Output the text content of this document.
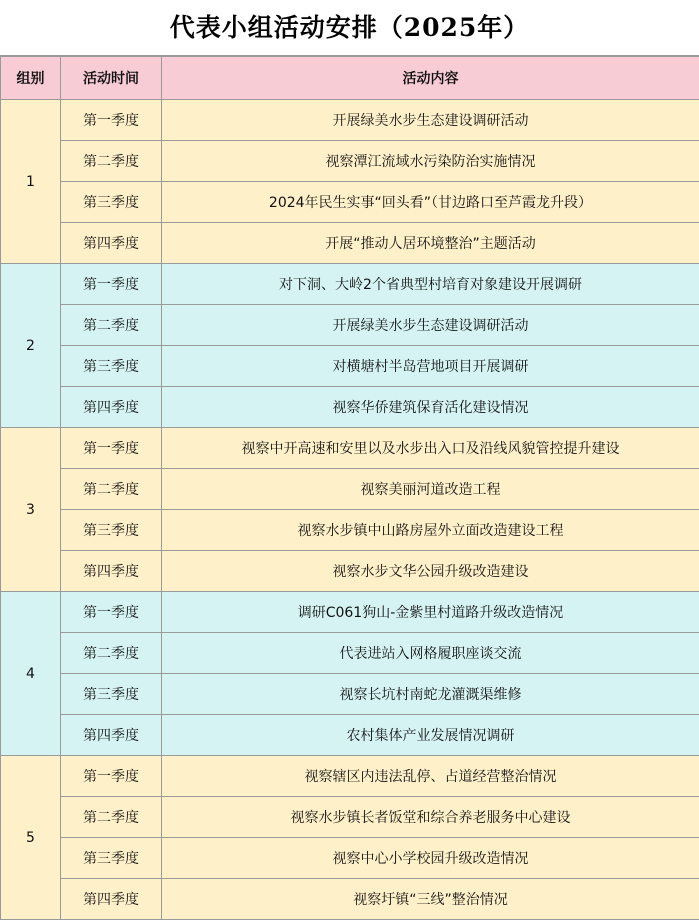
代表小组活动安排（2025年）
组别	活动时间	活动内容
1	第一季度	开展绿美水步生态建设调研活动
	第二季度	视察潭江流域水污染防治实施情况
	第三季度	2024年民生实事“回头看”（甘边路口至芦霞龙升段）
	第四季度	开展“推动人居环境整治”主题活动
2	第一季度	对下洞、大岭2个省典型村培育对象建设开展调研
	第二季度	开展绿美水步生态建设调研活动
	第三季度	对横塘村半岛营地项目开展调研
	第四季度	视察华侨建筑保育活化建设情况
3	第一季度	视察中开高速和安里以及水步出入口及沿线风貌管控提升建设
	第二季度	视察美丽河道改造工程
	第三季度	视察水步镇中山路房屋外立面改造建设工程
	第四季度	视察水步文华公园升级改造建设
4	第一季度	调研C061狗山-金紫里村道路升级改造情况
	第二季度	代表进站入网格履职座谈交流
	第三季度	视察长坑村南蛇龙灌溉渠维修
	第四季度	农村集体产业发展情况调研
5	第一季度	视察辖区内违法乱停、占道经营整治情况
	第二季度	视察水步镇长者饭堂和综合养老服务中心建设
	第三季度	视察中心小学校园升级改造情况
	第四季度	视察圩镇“三线”整治情况
